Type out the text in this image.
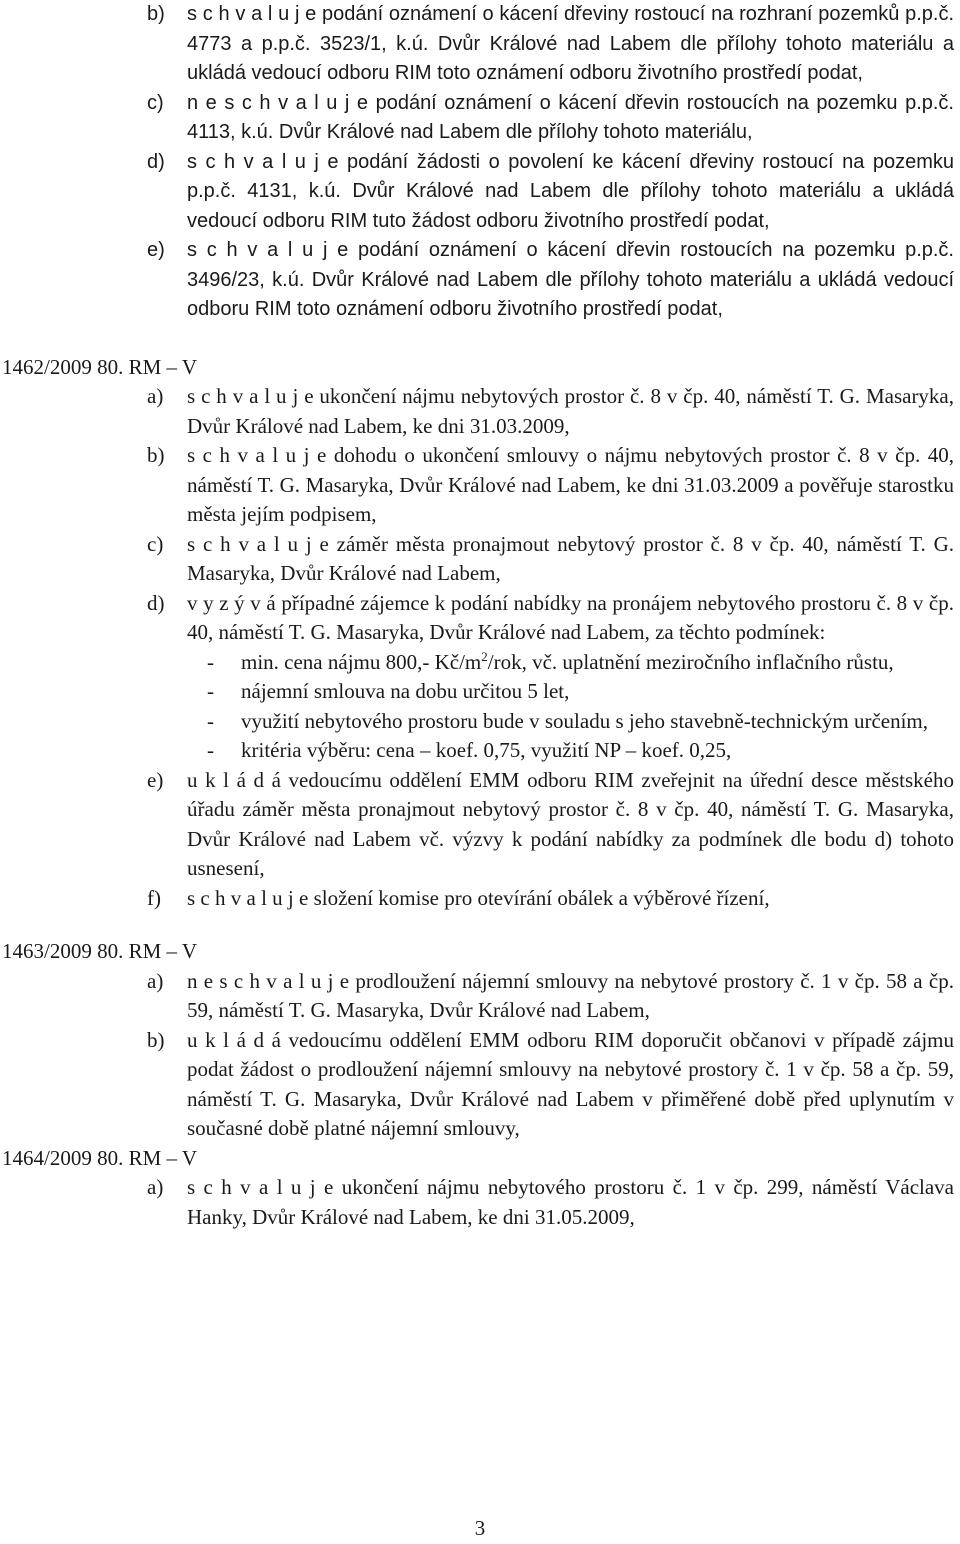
b) s c h v a l u j e podání oznámení o kácení dřeviny rostoucí na rozhraní pozemků p.p.č. 4773 a p.p.č. 3523/1, k.ú. Dvůr Králové nad Labem dle přílohy tohoto materiálu a ukládá vedoucí odboru RIM toto oznámení odboru životního prostředí podat,
c) n e s c h v a l u j e podání oznámení o kácení dřevin rostoucích na pozemku p.p.č. 4113, k.ú. Dvůr Králové nad Labem dle přílohy tohoto materiálu,
d) s c h v a l u j e podání žádosti o povolení ke kácení dřeviny rostoucí na pozemku p.p.č. 4131, k.ú. Dvůr Králové nad Labem dle přílohy tohoto materiálu a ukládá vedoucí odboru RIM tuto žádost odboru životního prostředí podat,
e) s c h v a l u j e podání oznámení o kácení dřevin rostoucích na pozemku p.p.č. 3496/23, k.ú. Dvůr Králové nad Labem dle přílohy tohoto materiálu a ukládá vedoucí odboru RIM toto oznámení odboru životního prostředí podat,
1462/2009 80. RM – V
a) s c h v a l u j e ukončení nájmu nebytových prostor č. 8 v čp. 40, náměstí T. G. Masaryka, Dvůr Králové nad Labem, ke dni 31.03.2009,
b) s c h v a l u j e dohodu o ukončení smlouvy o nájmu nebytových prostor č. 8 v čp. 40, náměstí T. G. Masaryka, Dvůr Králové nad Labem, ke dni 31.03.2009 a pověřuje starostku města jejím podpisem,
c) s c h v a l u j e záměr města pronajmout nebytový prostor č. 8 v čp. 40, náměstí T. G. Masaryka, Dvůr Králové nad Labem,
d) v y z ý v á případné zájemce k podání nabídky na pronájem nebytového prostoru č. 8 v čp. 40, náměstí T. G. Masaryka, Dvůr Králové nad Labem, za těchto podmínek:
- min. cena nájmu 800,- $Kč/m^2$/rok, vč. uplatnění meziročního inflačního růstu,
- nájemní smlouva na dobu určitou 5 let,
- využití nebytového prostoru bude v souladu s jeho stavebně-technickým určením,
- kritéria výběru: cena – koef. 0,75, využití NP – koef. 0,25,
e) u k l á d á vedoucímu oddělení EMM odboru RIM zveřejnit na úřední desce městského úřadu záměr města pronajmout nebytový prostor č. 8 v čp. 40, náměstí T. G. Masaryka, Dvůr Králové nad Labem vč. výzvy k podání nabídky za podmínek dle bodu d) tohoto usnesení,
f) s c h v a l u j e složení komise pro otevírání obálek a výběrové řízení,
1463/2009 80. RM – V
a) n e s c h v a l u j e prodloužení nájemní smlouvy na nebytové prostory č. 1 v čp. 58 a čp. 59, náměstí T. G. Masaryka, Dvůr Králové nad Labem,
b) u k l á d á vedoucímu oddělení EMM odboru RIM doporučit občanovi v případě zájmu podat žádost o prodloužení nájemní smlouvy na nebytové prostory č. 1 v čp. 58 a čp. 59, náměstí T. G. Masaryka, Dvůr Králové nad Labem v přiměřené době před uplynutím v současné době platné nájemní smlouvy,
1464/2009 80. RM – V
a) s c h v a l u j e ukončení nájmu nebytového prostoru č. 1 v čp. 299, náměstí Václava Hanky, Dvůr Králové nad Labem, ke dni 31.05.2009,
3
